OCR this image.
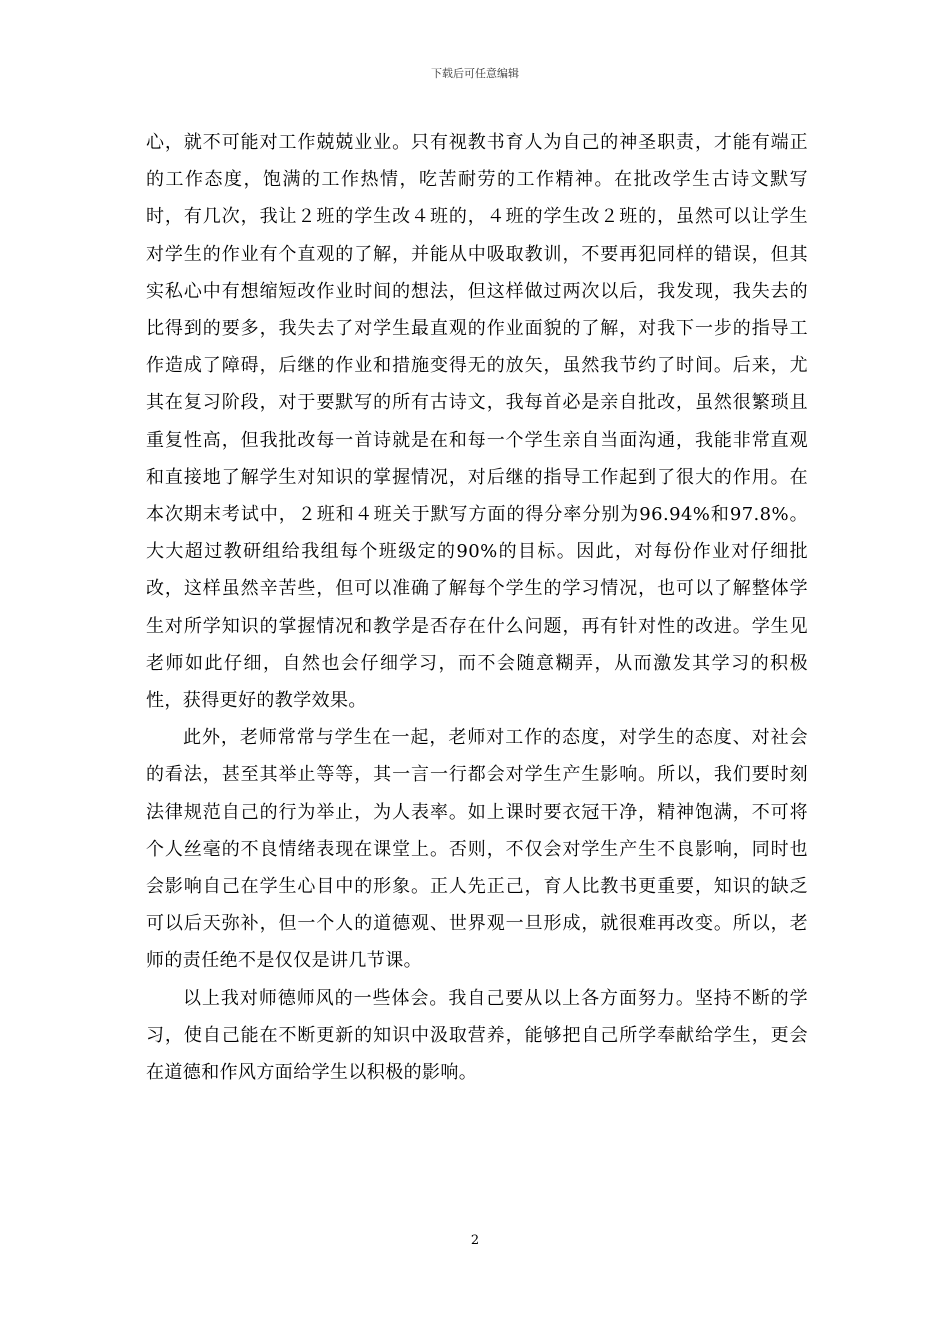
下载后可任意编辑

心，就不可能对工作兢兢业业。只有视教书育人为自己的神圣职责，才能有端正的工作态度，饱满的工作热情，吃苦耐劳的工作精神。在批改学生古诗文默写时，有几次，我让２班的学生改４班的，４班的学生改２班的，虽然可以让学生对学生的作业有个直观的了解，并能从中吸取教训，不要再犯同样的错误，但其实私心中有想缩短改作业时间的想法，但这样做过两次以后，我发现，我失去的比得到的要多，我失去了对学生最直观的作业面貌的了解，对我下一步的指导工作造成了障碍，后继的作业和措施变得无的放矢，虽然我节约了时间。后来，尤其在复习阶段，对于要默写的所有古诗文，我每首必是亲自批改，虽然很繁琐且重复性高，但我批改每一首诗就是在和每一个学生亲自当面沟通，我能非常直观和直接地了解学生对知识的掌握情况，对后继的指导工作起到了很大的作用。在本次期末考试中，２班和４班关于默写方面的得分率分别为96.94%和97.8%。大大超过教研组给我组每个班级定的90%的目标。因此，对每份作业对仔细批改，这样虽然辛苦些，但可以准确了解每个学生的学习情况，也可以了解整体学生对所学知识的掌握情况和教学是否存在什么问题，再有针对性的改进。学生见老师如此仔细，自然也会仔细学习，而不会随意糊弄，从而激发其学习的积极性，获得更好的教学效果。

此外，老师常常与学生在一起，老师对工作的态度，对学生的态度、对社会的看法，甚至其举止等等，其一言一行都会对学生产生影响。所以，我们要时刻法律规范自己的行为举止，为人表率。如上课时要衣冠干净，精神饱满，不可将个人丝毫的不良情绪表现在课堂上。否则，不仅会对学生产生不良影响，同时也会影响自己在学生心目中的形象。正人先正己，育人比教书更重要，知识的缺乏可以后天弥补，但一个人的道德观、世界观一旦形成，就很难再改变。所以，老师的责任绝不是仅仅是讲几节课。

以上我对师德师风的一些体会。我自己要从以上各方面努力。坚持不断的学习，使自己能在不断更新的知识中汲取营养，能够把自己所学奉献给学生，更会在道德和作风方面给学生以积极的影响。

2
